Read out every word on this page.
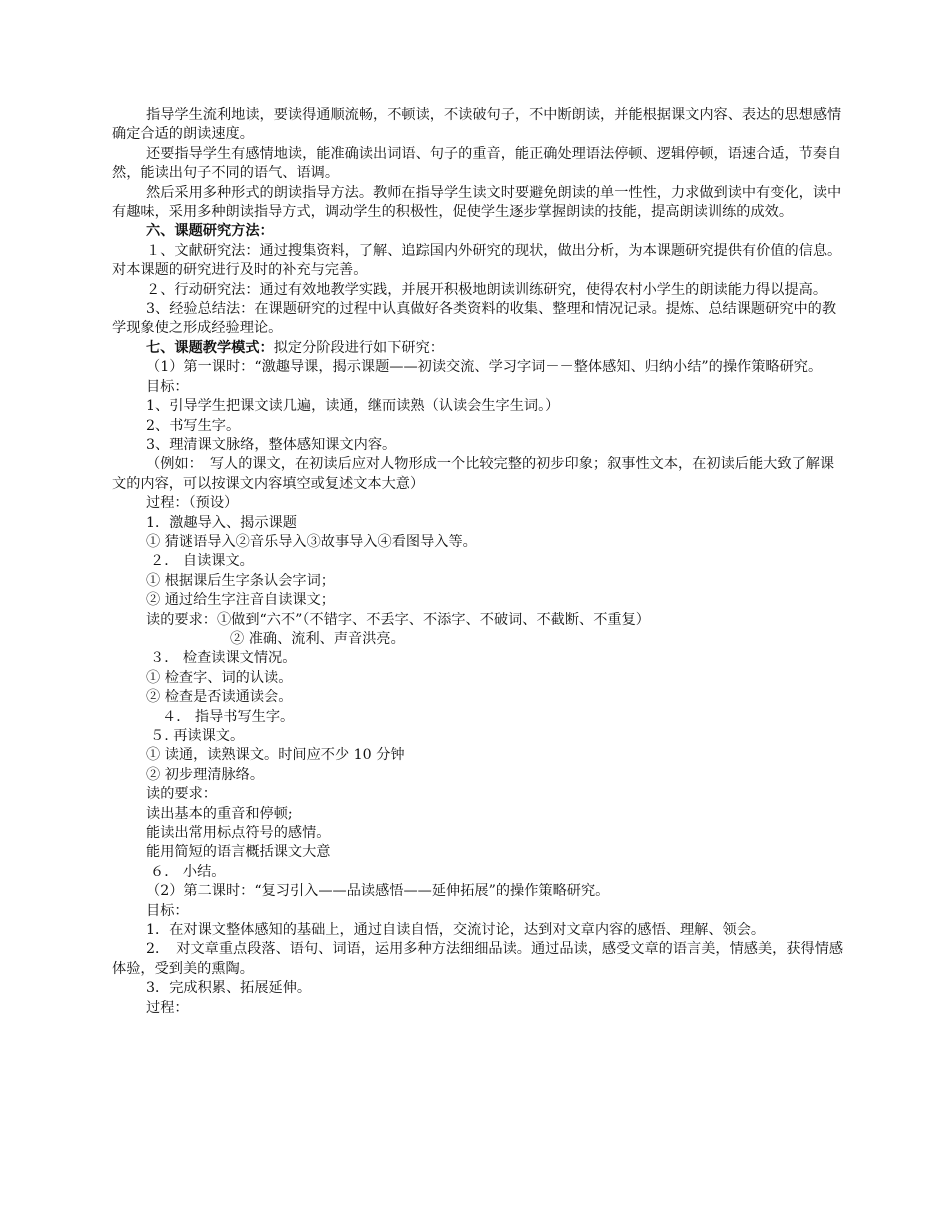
指导学生流利地读，要读得通顺流畅，不顿读，不读破句子，不中断朗读，并能根据课文内容、表达的思想感情确定合适的朗读速度。

还要指导学生有感情地读，能准确读出词语、句子的重音，能正确处理语法停顿、逻辑停顿，语速合适，节奏自然，能读出句子不同的语气、语调。

然后采用多种形式的朗读指导方法。教师在指导学生读文时要避免朗读的单一性性，力求做到读中有变化，读中有趣味，采用多种朗读指导方式，调动学生的积极性，促使学生逐步掌握朗读的技能，提高朗读训练的成效。

六、课题研究方法：

１、文献研究法：通过搜集资料，了解、追踪国内外研究的现状，做出分析，为本课题研究提供有价值的信息。对本课题的研究进行及时的补充与完善。

２、行动研究法：通过有效地教学实践，并展开积极地朗读训练研究，使得农村小学生的朗读能力得以提高。

3、经验总结法：在课题研究的过程中认真做好各类资料的收集、整理和情况记录。提炼、总结课题研究中的教学现象使之形成经验理论。

七、课题教学模式：拟定分阶段进行如下研究：

（1）第一课时：“激趣导课，揭示课题——初读交流、学习字词－－整体感知、归纳小结”的操作策略研究。

目标：
1、引导学生把课文读几遍，读通，继而读熟（认读会生字生词。）
2、书写生字。
3、理清课文脉络，整体感知课文内容。

（例如：　写人的课文，在初读后应对人物形成一个比较完整的初步印象；叙事性文本，在初读后能大致了解课文的内容，可以按课文内容填空或复述文本大意）

过程：（预设）
1．激趣导入、揭示课题
① 猜谜语导入②音乐导入③故事导入④看图导入等。
２． 自读课文。
① 根据课后生字条认会字词；
② 通过给生字注音自读课文；
读的要求：①做到“六不”（不错字、不丢字、不添字、不破词、不截断、不重复）
② 准确、流利、声音洪亮。
３． 检查读课文情况。
① 检查字、词的认读。
② 检查是否读通读会。
４． 指导书写生字。
５. 再读课文。
① 读通，读熟课文。时间应不少 10 分钟
② 初步理清脉络。
读的要求：
读出基本的重音和停顿;
能读出常用标点符号的感情。
能用简短的语言概括课文大意
６． 小结。
（2）第二课时：“复习引入——品读感悟——延伸拓展”的操作策略研究。
目标：

1．在对课文整体感知的基础上，通过自读自悟，交流讨论，达到对文章内容的感悟、理解、领会。

2．　对文章重点段落、语句、词语，运用多种方法细细品读。通过品读，感受文章的语言美，情感美，获得情感体验，受到美的熏陶。

3．完成积累、拓展延伸。
过程：
